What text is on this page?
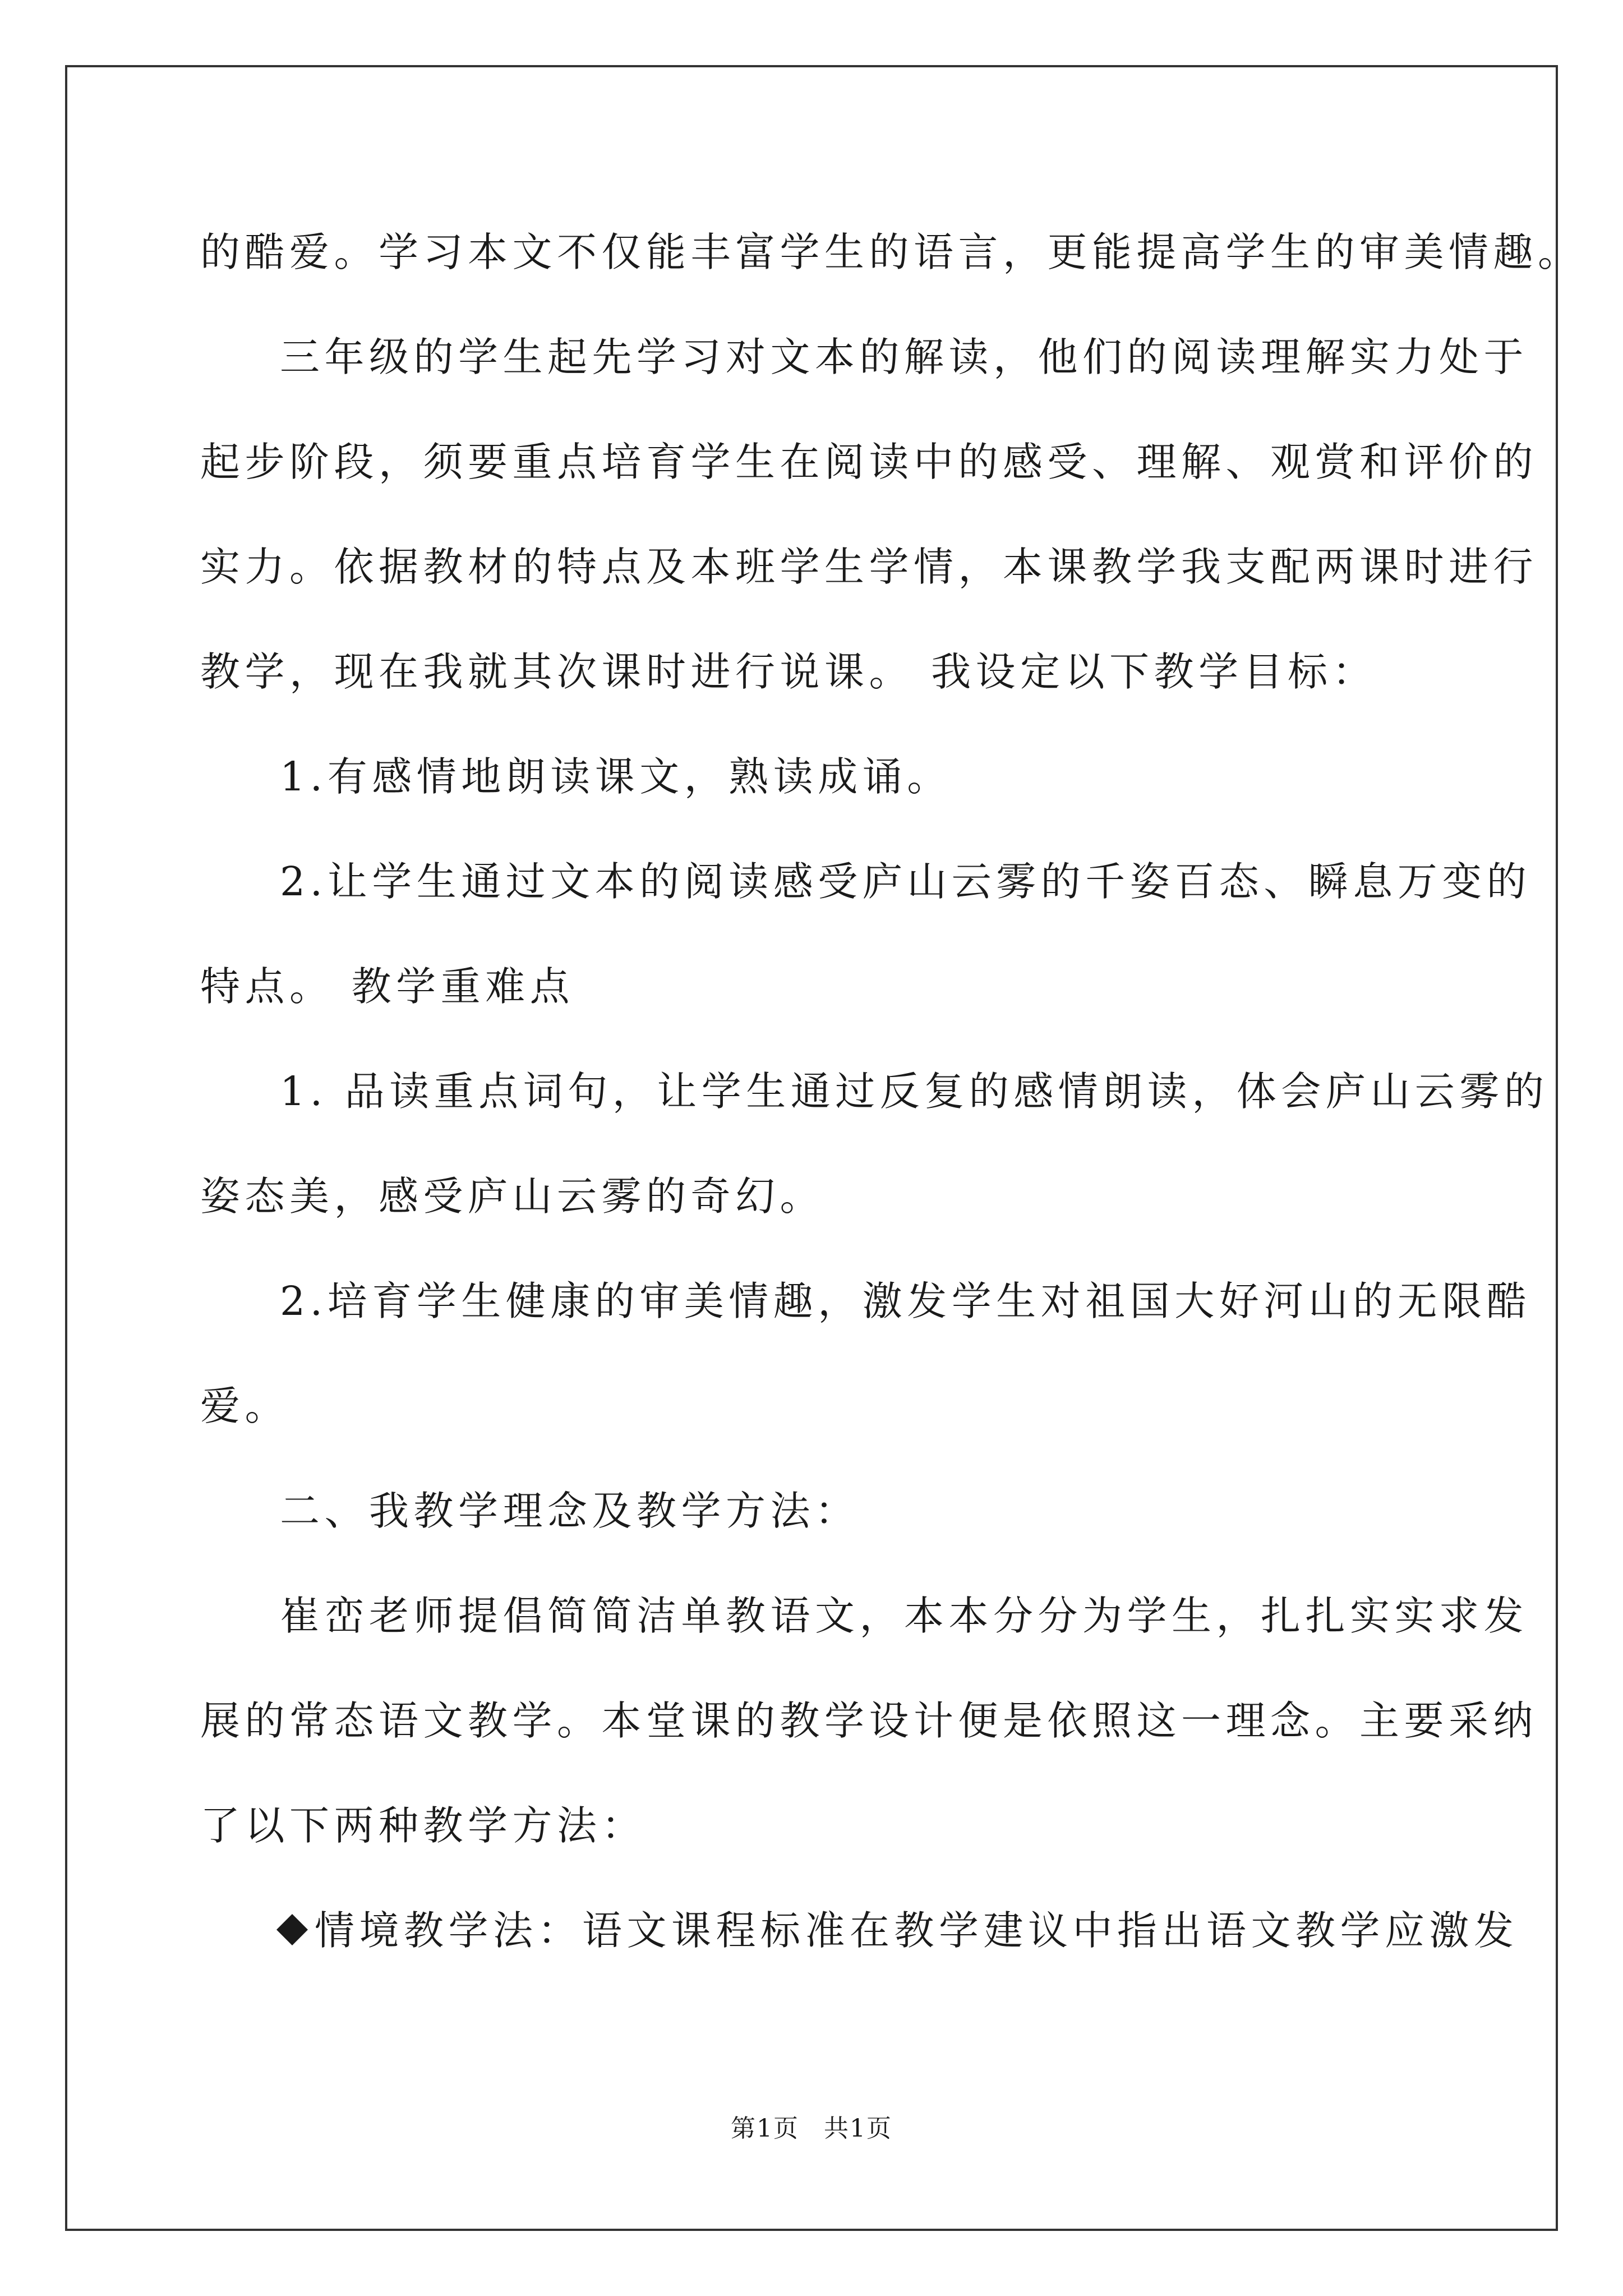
的酷爱。学习本文不仅能丰富学生的语言，更能提高学生的审美情趣。
三年级的学生起先学习对文本的解读，他们的阅读理解实力处于
起步阶段，须要重点培育学生在阅读中的感受、理解、观赏和评价的
实力。依据教材的特点及本班学生学情，本课教学我支配两课时进行
教学，现在我就其次课时进行说课。 我设定以下教学目标：
1.有感情地朗读课文，熟读成诵。
2.让学生通过文本的阅读感受庐山云雾的千姿百态、瞬息万变的
特点。 教学重难点
1. 品读重点词句，让学生通过反复的感情朗读，体会庐山云雾的
姿态美，感受庐山云雾的奇幻。
2.培育学生健康的审美情趣，激发学生对祖国大好河山的无限酷
爱。
二、我教学理念及教学方法：
崔峦老师提倡简简洁单教语文，本本分分为学生，扎扎实实求发
展的常态语文教学。本堂课的教学设计便是依照这一理念。主要采纳
了以下两种教学方法：
情境教学法：语文课程标准在教学建议中指出语文教学应激发
第1页 共1页
